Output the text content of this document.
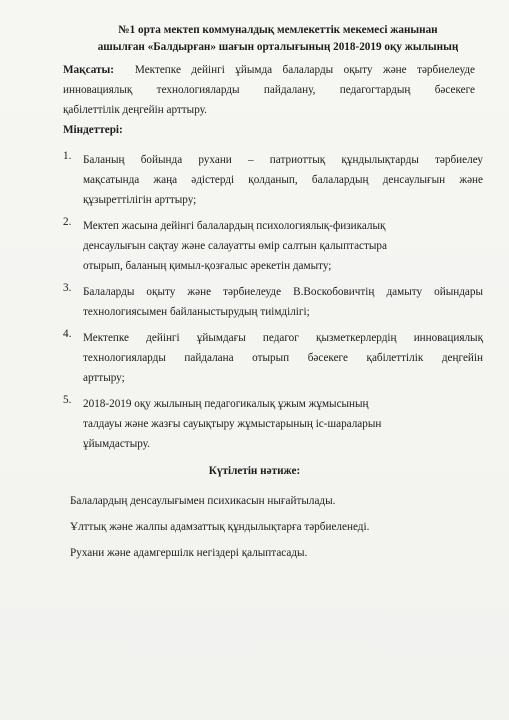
№1 орта мектеп коммуналдық мемлекеттік мекемесі жанынан
ашылған «Балдырған» шағын орталығының 2018-2019 оқу жылының
Мақсаты: Мектепке дейінгі ұйымда балаларды оқыту және тәрбиелеуде
инновациялық технологияларды пайдалану, педагогтардың бәсекеге
қабілеттілік деңгейін арттыру.
Міндеттері:
1.	Баланың бойында рухани – патриоттық құндылықтарды тәрбиелеу
мақсатында жаңа әдістерді қолданып, балалардың денсаулығын және
құзыреттілігін арттыру;
2.	Мектеп жасына дейінгі балалардың психологиялық-физикалық
денсаулығын сақтау және салауатты өмір салтын қалыптастыра
отырып, баланың қимыл-қозғалыс әрекетін дамыту;
3.	Балаларды оқыту және тәрбиелеуде В.Воскобовичтің дамыту ойындары
технологиясымен байланыстырудың тиімділігі;
4.	Мектепке дейінгі ұйымдағы педагог қызметкерлердің инновациялық
технологияларды пайдалана отырып бәсекеге қабілеттілік деңгейін
арттыру;
5.	2018-2019 оқу жылының педагогикалық ұжым жұмысының
талдауы және жазғы сауықтыру жұмыстарының іс-шараларын
ұйымдастыру.
Күтілетін нәтиже:
Балалардың денсаулығымен психикасын нығайтылады.
Ұлттық және жалпы адамзаттық құндылықтарға тәрбиеленеді.
Рухани және адамгершілк негіздері қалыптасады.
